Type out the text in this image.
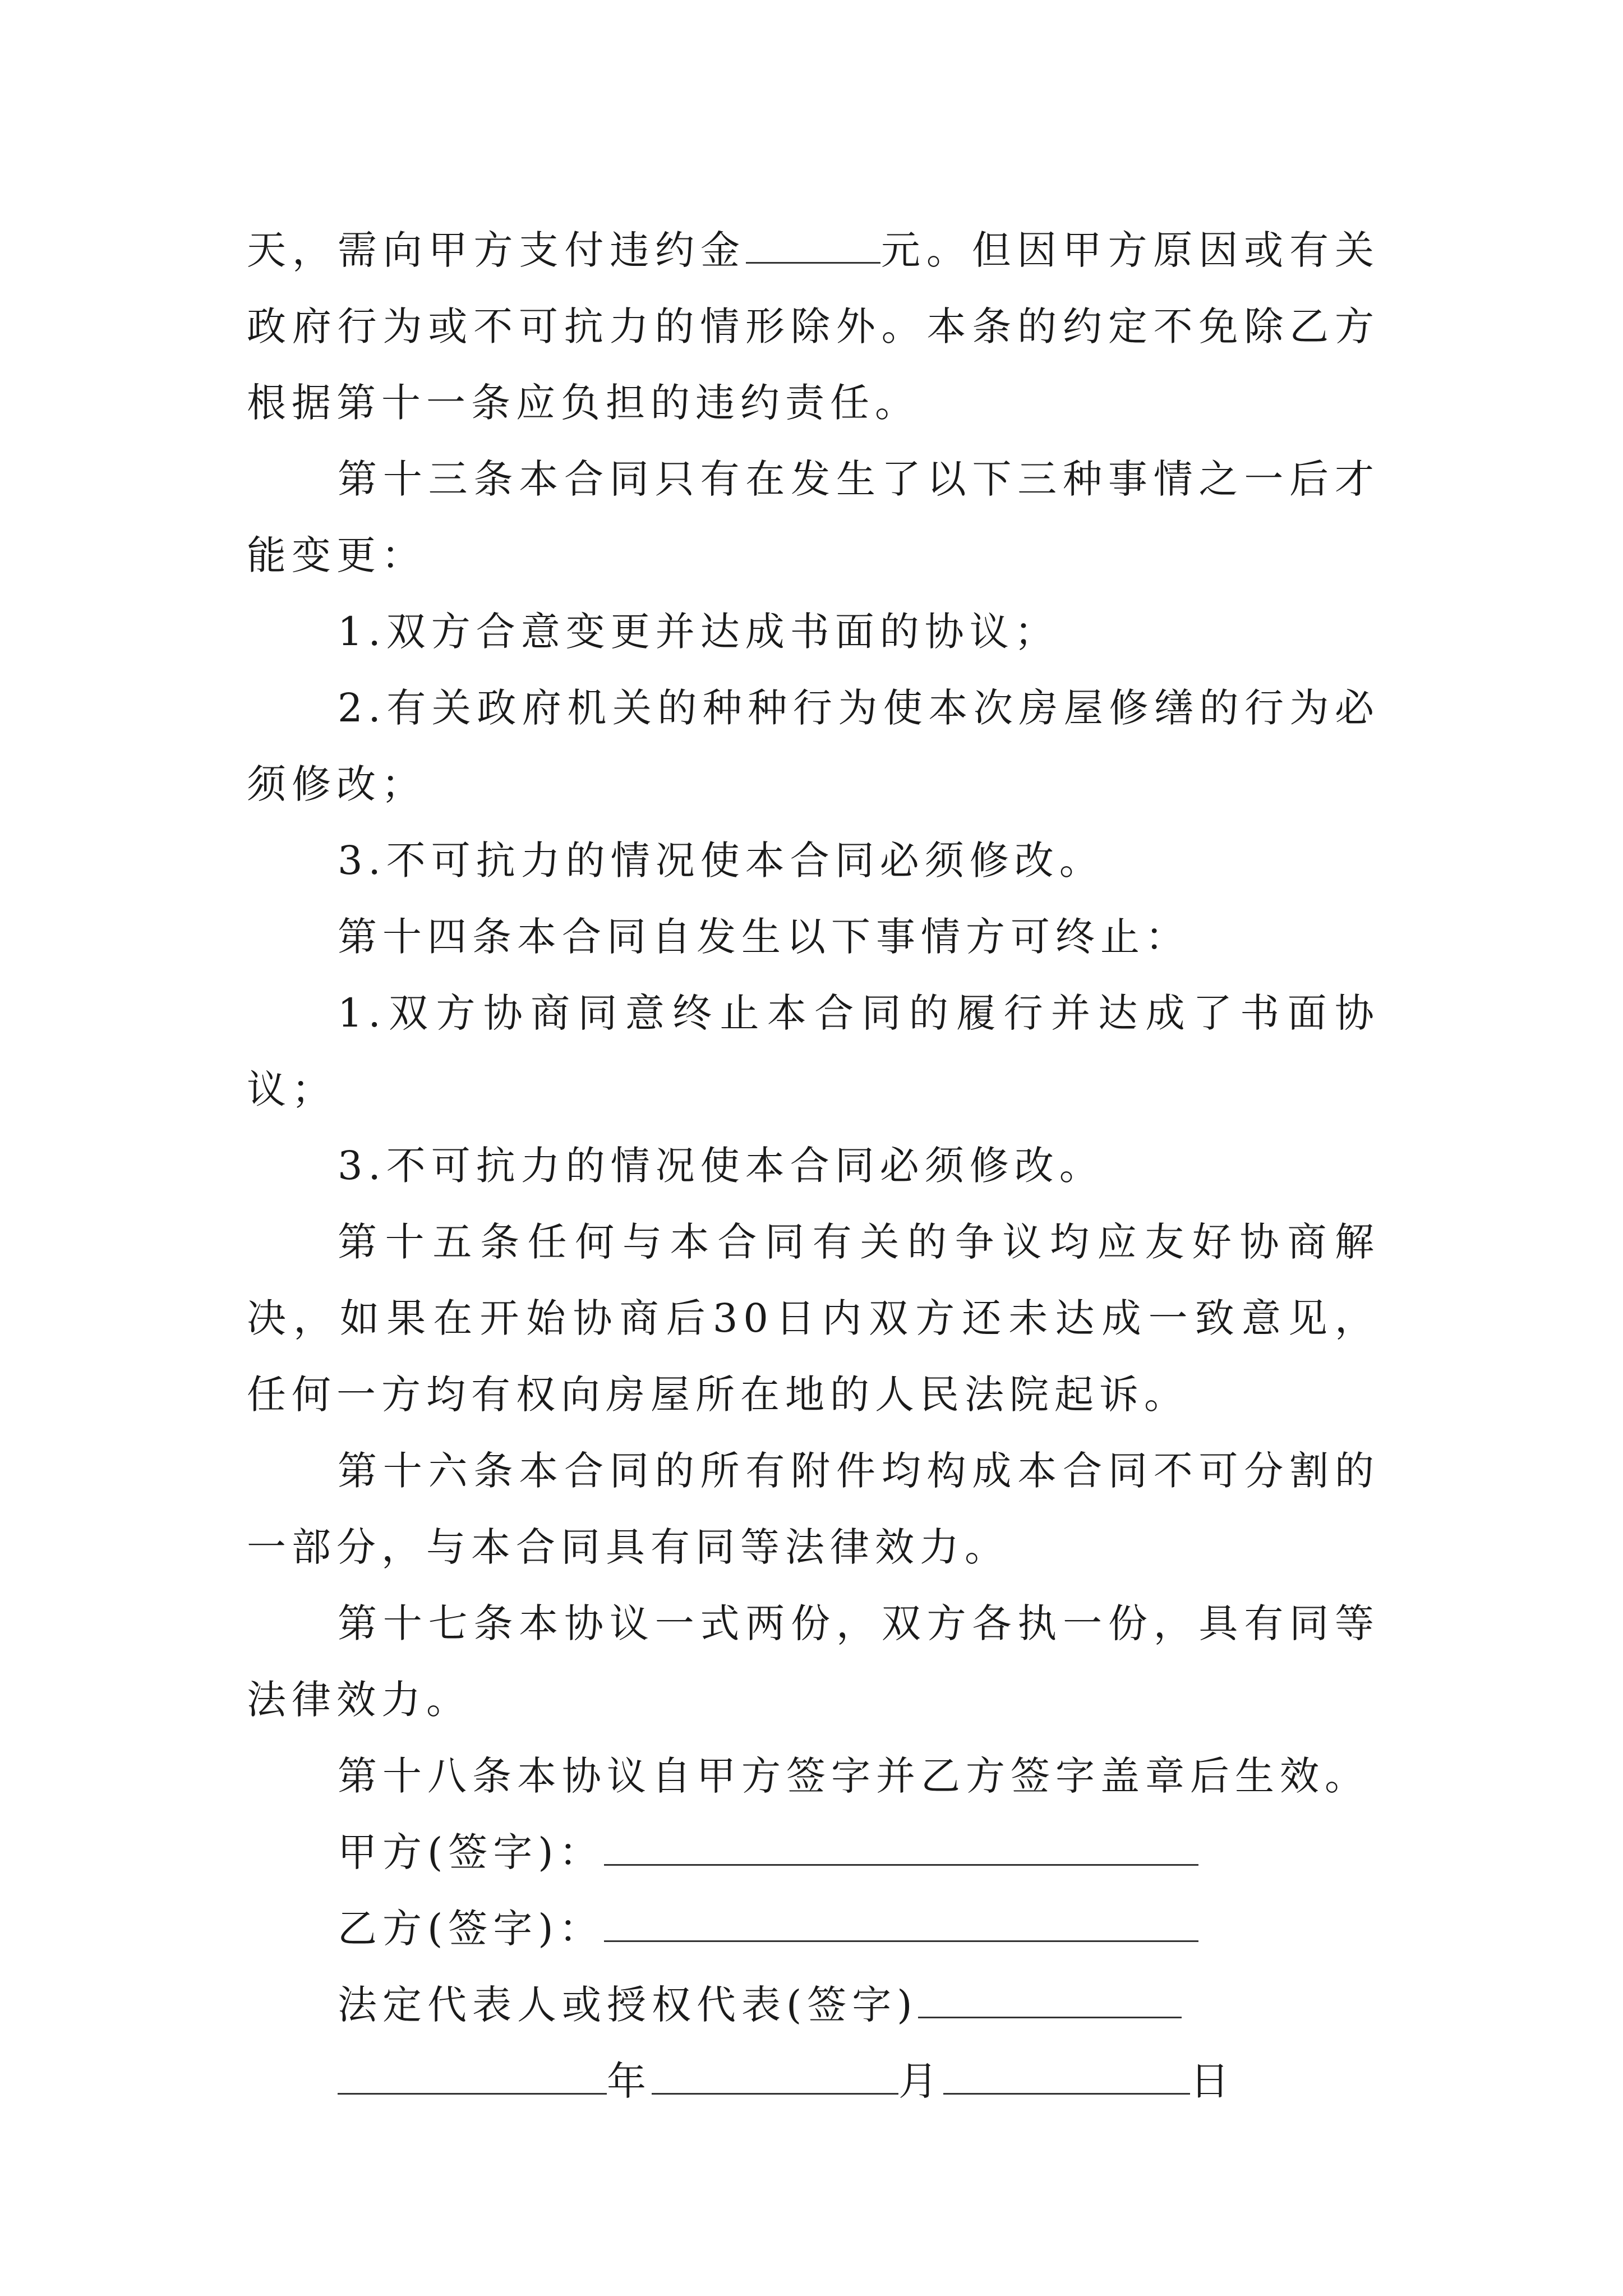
天，需向甲方支付违约金	元。但因甲方原因或有关政府行为或不可抗力的情形除外。本条的约定不免除乙方根据第十一条应负担的违约责任。

第十三条本合同只有在发生了以下三种事情之一后才能变更：

1.双方合意变更并达成书面的协议；

2.有关政府机关的种种行为使本次房屋修缮的行为必须修改；

3.不可抗力的情况使本合同必须修改。

第十四条本合同自发生以下事情方可终止：

1.双方协商同意终止本合同的履行并达成了书面协议；

3.不可抗力的情况使本合同必须修改。

第十五条任何与本合同有关的争议均应友好协商解决，如果在开始协商后30日内双方还未达成一致意见，任何一方均有权向房屋所在地的人民法院起诉。

第十六条本合同的所有附件均构成本合同不可分割的一部分，与本合同具有同等法律效力。

第十七条本协议一式两份，双方各执一份，具有同等法律效力。

第十八条本协议自甲方签字并乙方签字盖章后生效。

甲方(签字)：

乙方(签字)：

法定代表人或授权代表(签字)

年	月	日
